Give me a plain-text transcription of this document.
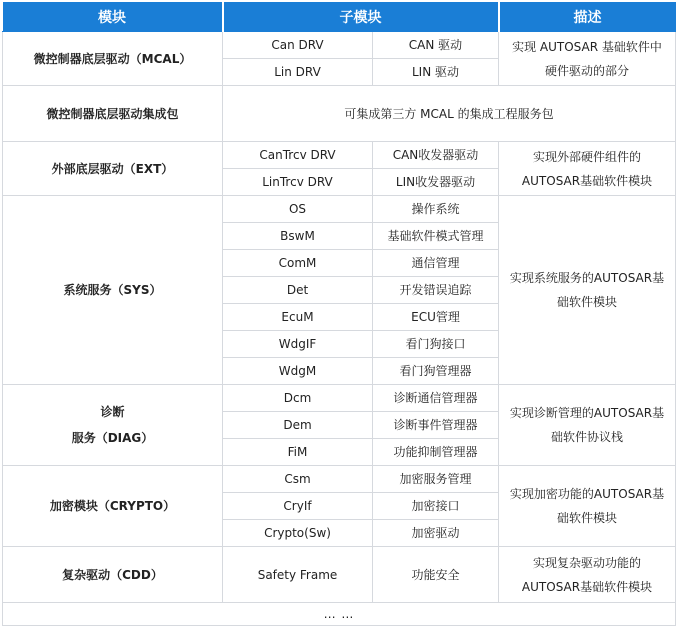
模块	子模块		描述
微控制器底层驱动（MCAL）	Can DRV	CAN 驱动	实现 AUTOSAR 基础软件中硬件驱动的部分
	Lin DRV	LIN 驱动	
微控制器底层驱动集成包	可集成第三方 MCAL 的集成工程服务包		
外部底层驱动（EXT）	CanTrcv DRV	CAN收发器驱动	实现外部硬件组件的AUTOSAR基础软件模块
	LinTrcv DRV	LIN收发器驱动	
系统服务（SYS）	OS	操作系统	实现系统服务的AUTOSAR基础软件模块
	BswM	基础软件模式管理	
	ComM	通信管理	
	Det	开发错误追踪	
	EcuM	ECU管理	
	WdgIF	看门狗接口	
	WdgM	看门狗管理器	

诊断
服务（DIAG）	Dcm	诊断通信管理器	实现诊断管理的AUTOSAR基础软件协议栈
	Dem	诊断事件管理器	
	FiM	功能抑制管理器	
加密模块（CRYPTO）	Csm	加密服务管理	实现加密功能的AUTOSAR基础软件模块
	CryIf	加密接口	
	Crypto(Sw)	加密驱动	
复杂驱动（CDD）	Safety Frame	功能安全	实现复杂驱动功能的AUTOSAR基础软件模块
… …			
